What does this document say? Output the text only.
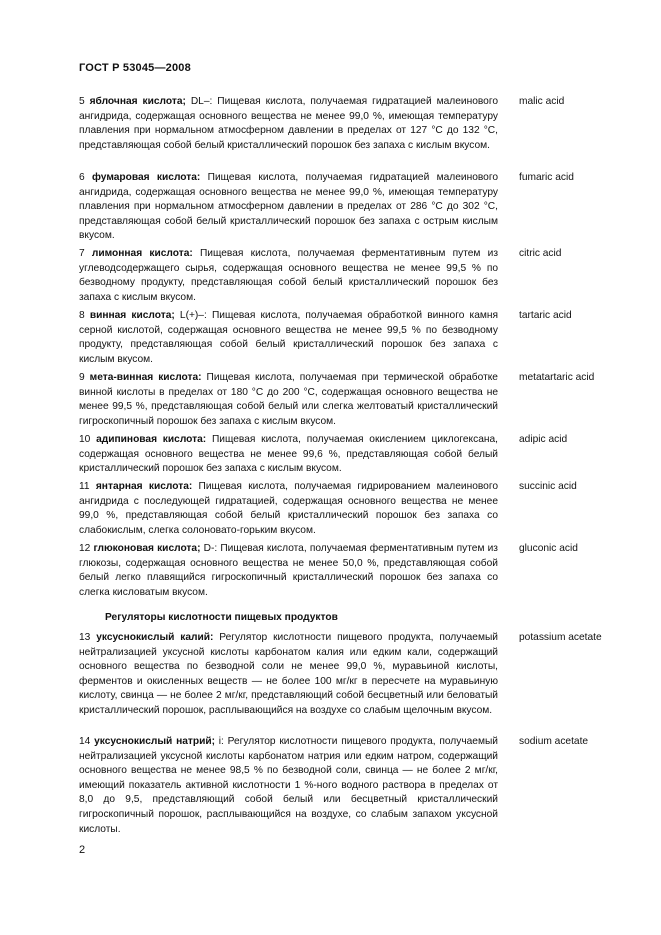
ГОСТ Р 53045—2008
5 яблочная кислота; DL–: Пищевая кислота, получаемая гидратацией малеинового ангидрида, содержащая основного вещества не менее 99,0 %, имеющая температуру плавления при нормальном атмосферном давлении в пределах от 127 °С до 132 °С, представляющая собой белый кристаллический порошок без запаха с кислым вкусом.
malic acid
6 фумаровая кислота: Пищевая кислота, получаемая гидратацией малеинового ангидрида, содержащая основного вещества не менее 99,0 %, имеющая температуру плавления при нормальном атмосферном давлении в пределах от 286 °С до 302 °С, представляющая собой белый кристаллический порошок без запаха с острым кислым вкусом.
fumaric acid
7 лимонная кислота: Пищевая кислота, получаемая ферментативным путем из углеводсодержащего сырья, содержащая основного вещества не менее 99,5 % по безводному продукту, представляющая собой белый кристаллический порошок без запаха с кислым вкусом.
citric acid
8 винная кислота; L(+)–: Пищевая кислота, получаемая обработкой винного камня серной кислотой, содержащая основного вещества не менее 99,5 % по безводному продукту, представляющая собой белый кристаллический порошок без запаха с кислым вкусом.
tartaric acid
9 мета-винная кислота: Пищевая кислота, получаемая при термической обработке винной кислоты в пределах от 180 °С до 200 °С, содержащая основного вещества не менее 99,5 %, представляющая собой белый или слегка желтоватый кристаллический гигроскопичный порошок без запаха с кислым вкусом.
metatartaric acid
10 адипиновая кислота: Пищевая кислота, получаемая окислением циклогексана, содержащая основного вещества не менее 99,6 %, представляющая собой белый кристаллический порошок без запаха с кислым вкусом.
adipic acid
11 янтарная кислота: Пищевая кислота, получаемая гидрированием малеинового ангидрида с последующей гидратацией, содержащая основного вещества не менее 99,0 %, представляющая собой белый кристаллический порошок без запаха со слабокислым, слегка солоновато-горьким вкусом.
succinic acid
12 глюконовая кислота; D-: Пищевая кислота, получаемая ферментативным путем из глюкозы, содержащая основного вещества не менее 50,0 %, представляющая собой белый легко плавящийся гигроскопичный кристаллический порошок без запаха со слегка кисловатым вкусом.
gluconic acid
Регуляторы кислотности пищевых продуктов
13 уксуснокислый калий: Регулятор кислотности пищевого продукта, получаемый нейтрализацией уксусной кислоты карбонатом калия или едким кали, содержащий основного вещества по безводной соли не менее 99,0 %, муравьиной кислоты, ферментов и окисленных веществ — не более 100 мг/кг в пересчете на муравьиную кислоту, свинца — не более 2 мг/кг, представляющий собой бесцветный или беловатый кристаллический порошок, расплывающийся на воздухе со слабым щелочным вкусом.
potassium acetate
14 уксуснокислый натрий; i: Регулятор кислотности пищевого продукта, получаемый нейтрализацией уксусной кислоты карбонатом натрия или едким натром, содержащий основного вещества не менее 98,5 % по безводной соли, свинца — не более 2 мг/кг, имеющий показатель активной кислотности 1 %-ного водного раствора в пределах от 8,0 до 9,5, представляющий собой белый или бесцветный кристаллический гигроскопичный порошок, расплывающийся на воздухе, со слабым запахом уксусной кислоты.
sodium acetate
2
